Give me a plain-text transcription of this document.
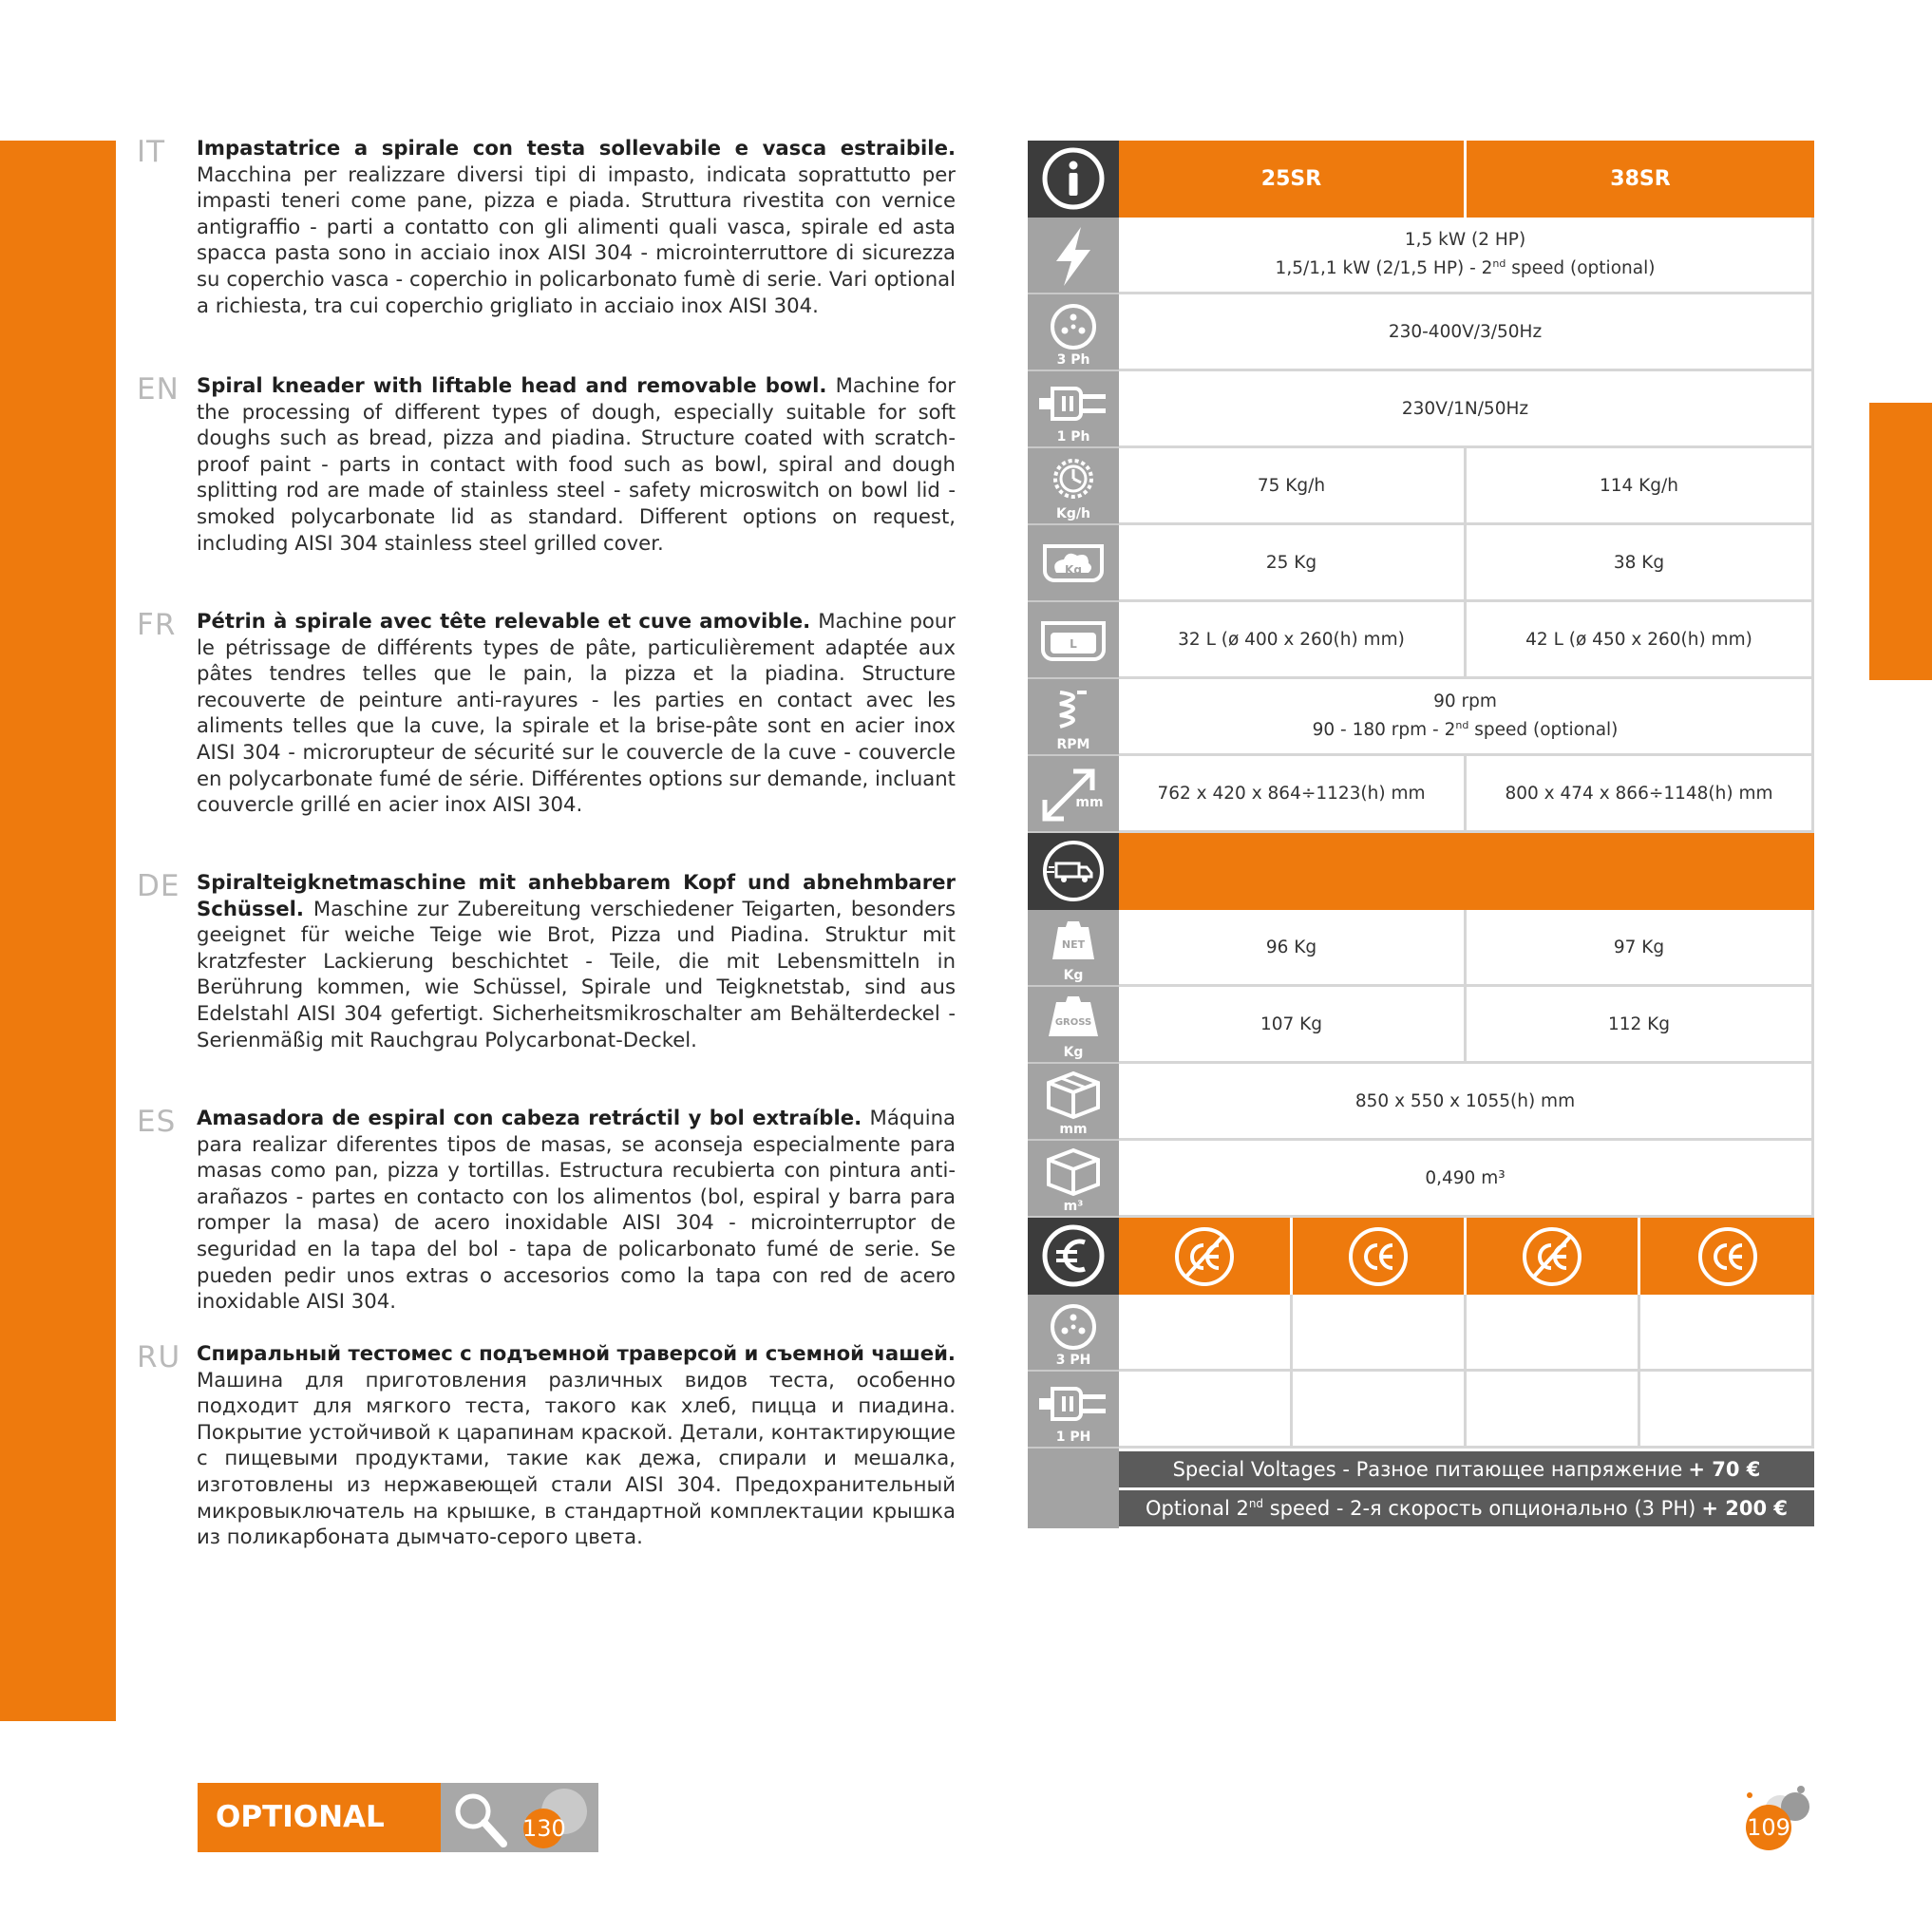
IT	Impastatrice a spirale con testa sollevabile e vasca estraibile. Macchina per realizzare diversi tipi di impasto, indicata soprattutto per impasti teneri come pane, pizza e piada. Struttura rivestita con vernice antigraffio - parti a contatto con gli alimenti quali vasca, spirale ed asta spacca pasta sono in acciaio inox AISI 304 - microinterruttore di sicurezza su coperchio vasca - coperchio in policarbonato fumè di serie. Vari optional a richiesta, tra cui coperchio grigliato in acciaio inox AISI 304.
EN Spiral kneader with liftable head and removable bowl. Machine for the processing of different types of dough, especially suitable for soft doughs such as bread, pizza and piadina. Structure coated with scratch-proof paint - parts in contact with food such as bowl, spiral and dough splitting rod are made of stainless steel - safety microswitch on bowl lid - smoked polycarbonate lid as standard. Different options on request, including AISI 304 stainless steel grilled cover.
FR	Pétrin à spirale avec tête relevable et cuve amovible. Machine pour le pétrissage de différents types de pâte, particulièrement adaptée aux pâtes tendres telles que le pain, la pizza et la piadina. Structure recouverte de peinture anti-rayures - les parties en contact avec les aliments telles que la cuve, la spirale et la brise-pâte sont en acier inox AISI 304 - microrupteur de sécurité sur le couvercle de la cuve - couvercle en polycarbonate fumé de série. Différentes options sur demande, incluant couvercle grillé en acier inox AISI 304.
DE Spiralteigknetmaschine mit anhebbarem Kopf und abnehmbarer Schüssel. Maschine zur Zubereitung verschiedener Teigarten, besonders geeignet für weiche Teige wie Brot, Pizza und Piadina. Struktur mit kratzfester Lackierung beschichtet - Teile, die mit Lebensmitteln in Berührung kommen, wie Schüssel, Spirale und Teigknetstab, sind aus Edelstahl AISI 304 gefertigt. Sicherheitsmikroschalter am Behälterdeckel - Serienmäßig mit Rauchgrau Polycarbonat-Deckel.
ES	Amasadora de espiral con cabeza retráctil y bol extraíble. Máquina para realizar diferentes tipos de masas, se aconseja especialmente para masas como pan, pizza y tortillas. Estructura recubierta con pintura anti-arañazos - partes en contacto con los alimentos (bol, espiral y barra para romper la masa) de acero inoxidable AISI 304 - microinterruptor de seguridad en la tapa del bol - tapa de policarbonato fumé de serie. Se pueden pedir unos extras o accesorios como la tapa con red de acero inoxidable AISI 304.
RU Спиральный тестомес с подъемной траверсой и съемной чашей. Машина для приготовления различных видов теста, особенно подходит для мягкого теста, такого как хлеб, пицца и пиадина. Покрытие устойчивой к царапинам краской. Детали, контактирующие с пищевыми продуктами, такие как дежа, спирали и мешалка, изготовлены из нержавеющей стали AISI 304. Предохранительный микровыключатель на крышке, в стандартной комплектации крышка из поликарбоната дымчато-серого цвета.
25SR	38SR
1,5 kW (2 HP)
1,5/1,1 kW (2/1,5 HP) - 2nd speed (optional)
3 Ph
230-400V/3/50Hz
1 Ph
230V/1N/50Hz
Kg/h
75 Kg/h	114 Kg/h
Kg	25 Kg	38 Kg
L	32 L (ø 400 x 260(h) mm)	42 L (ø 450 x 260(h) mm)
RPM
90 rpm
90 - 180 rpm - 2nd speed (optional)
mm	762 x 420 x 864÷1123(h) mm	800 x 474 x 866÷1148(h) mm
NET
Kg
96 Kg	97 Kg
GROSS
Kg
107 Kg	112 Kg
mm
850 x 550 x 1055(h) mm
m³
0,490 m³
3 PH
1 PH
Special Voltages - Разное питающее напряжение + 70 €
Optional 2nd speed - 2-я скорость опционально (3 PH) + 200 €
OPTIONAL	130	109
